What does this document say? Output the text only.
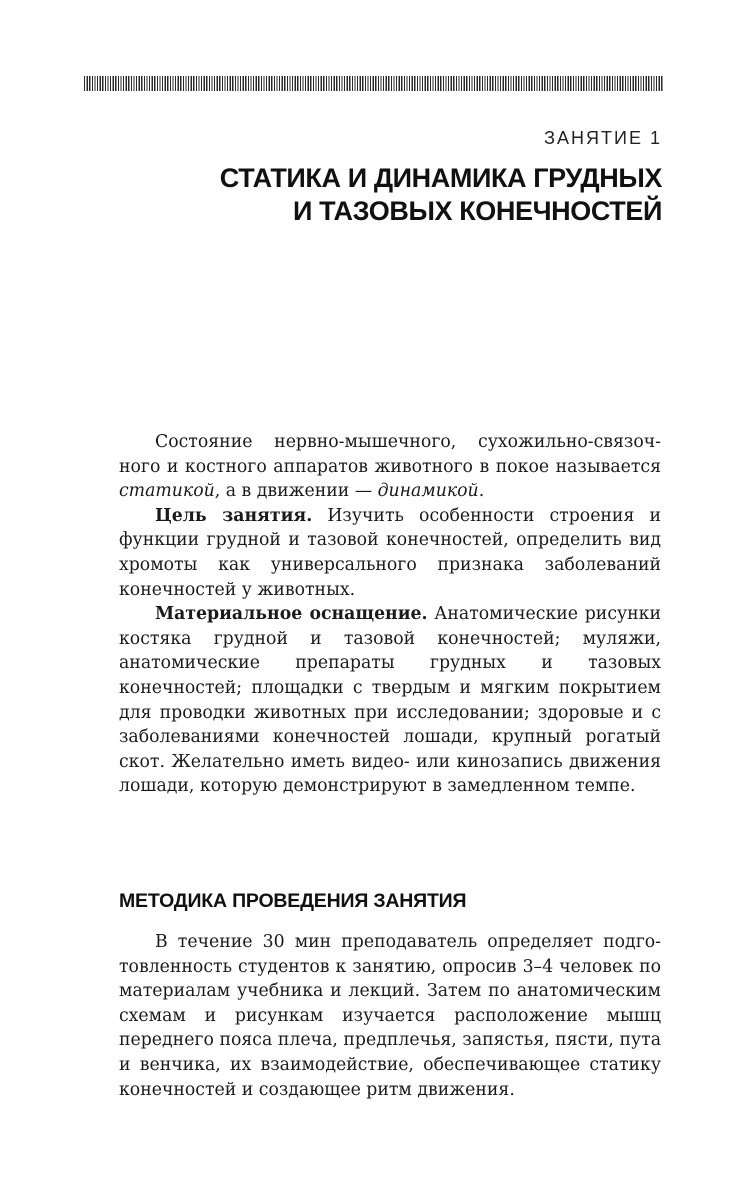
ЗАНЯТИЕ 1
СТАТИКА И ДИНАМИКА ГРУДНЫХ
И ТАЗОВЫХ КОНЕЧНОСТЕЙ

Состояние нервно-мышечного, сухожильно-связочного и костного аппаратов животного в покое называется статикой, а в движении — динамикой.

Цель занятия. Изучить особенности строения и функции грудной и тазовой конечностей, определить вид хромоты как универсального признака заболеваний конечностей у животных.

Материальное оснащение. Анатомические рисунки костяка грудной и тазовой конечностей; муляжи, анатомические препараты грудных и тазовых конечностей; площадки с твердым и мягким покрытием для проводки животных при исследовании; здоровые и с заболеваниями конечностей лошади, крупный рогатый скот. Желательно иметь видео- или кинозапись движения лошади, которую демонстрируют в замедленном темпе.

МЕТОДИКА ПРОВЕДЕНИЯ ЗАНЯТИЯ

В течение 30 мин преподаватель определяет подготовленность студентов к занятию, опросив 3–4 человек по материалам учебника и лекций. Затем по анатомическим схемам и рисункам изучается расположение мышц переднего пояса плеча, предплечья, запястья, пясти, пута и венчика, их взаимодействие, обеспечивающее статику конечностей и создающее ритм движения.
